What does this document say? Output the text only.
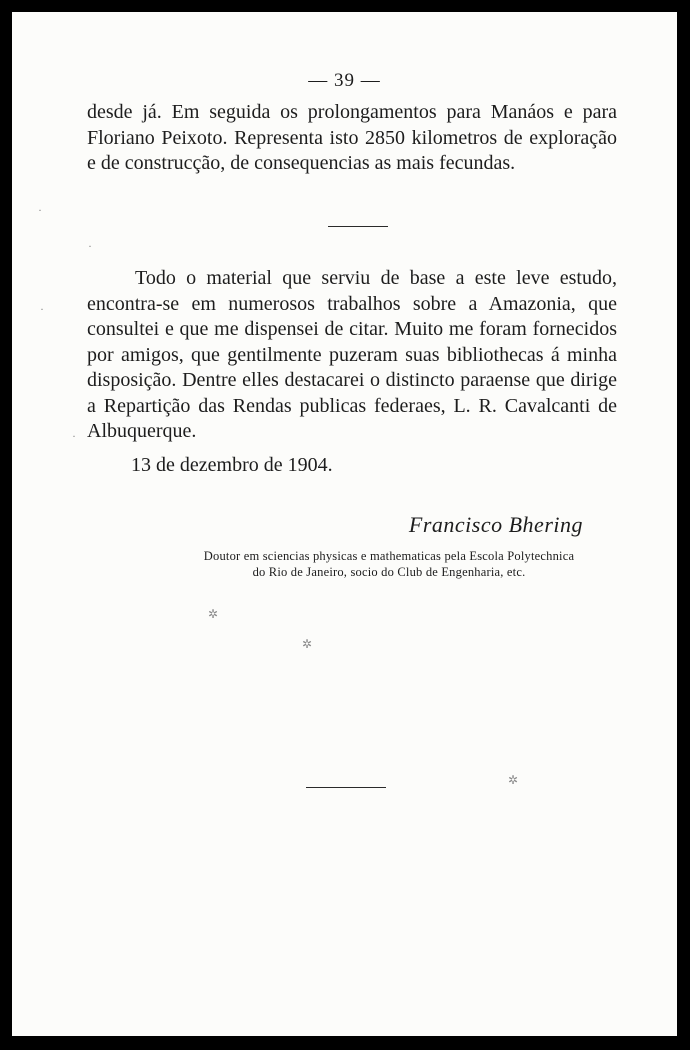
— 39 —

desde já. Em seguida os prolongamentos para Manáos e para Floriano Peixoto. Representa isto 2850 kilometros de exploração e de construcção, de consequencias as mais fecundas.

Todo o material que serviu de base a este leve estudo, encontra-se em numerosos trabalhos sobre a Amazonia, que consultei e que me dispensei de citar. Muito me foram fornecidos por amigos, que gentilmente puzeram suas bibliothecas á minha disposição. Dentre elles destacarei o distincto paraense que dirige a Repartição das Rendas publicas federaes, L. R. Cavalcanti de Albuquerque.

13 de dezembro de 1904.

Francisco Bhering

Doutor em sciencias physicas e mathematicas pela Escola Polytechnica
do Rio de Janeiro, socio do Club de Engenharia, etc.
✲
✲
✲
·
·
·
·
